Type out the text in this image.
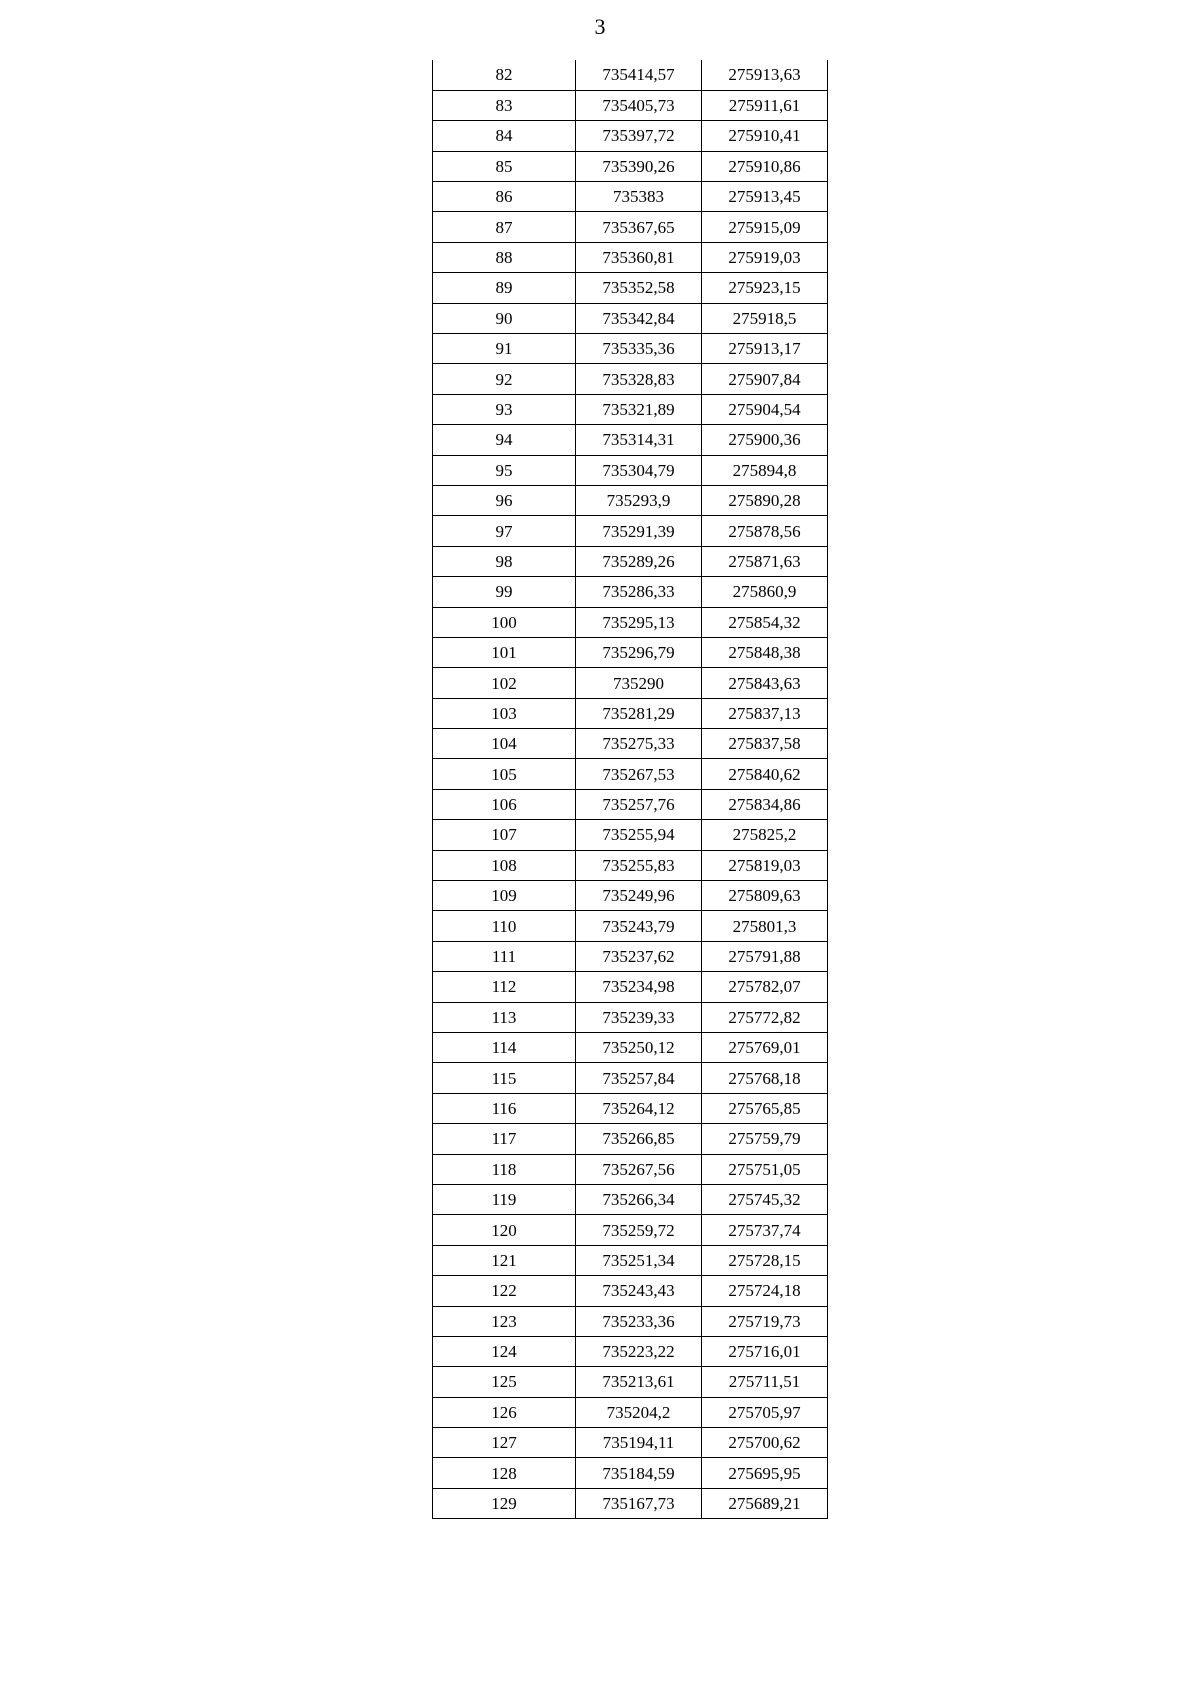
3
82	735414,57	275913,63
83	735405,73	275911,61
84	735397,72	275910,41
85	735390,26	275910,86
86	735383	275913,45
87	735367,65	275915,09
88	735360,81	275919,03
89	735352,58	275923,15
90	735342,84	275918,5
91	735335,36	275913,17
92	735328,83	275907,84
93	735321,89	275904,54
94	735314,31	275900,36
95	735304,79	275894,8
96	735293,9	275890,28
97	735291,39	275878,56
98	735289,26	275871,63
99	735286,33	275860,9
100	735295,13	275854,32
101	735296,79	275848,38
102	735290	275843,63
103	735281,29	275837,13
104	735275,33	275837,58
105	735267,53	275840,62
106	735257,76	275834,86
107	735255,94	275825,2
108	735255,83	275819,03
109	735249,96	275809,63
110	735243,79	275801,3
111	735237,62	275791,88
112	735234,98	275782,07
113	735239,33	275772,82
114	735250,12	275769,01
115	735257,84	275768,18
116	735264,12	275765,85
117	735266,85	275759,79
118	735267,56	275751,05
119	735266,34	275745,32
120	735259,72	275737,74
121	735251,34	275728,15
122	735243,43	275724,18
123	735233,36	275719,73
124	735223,22	275716,01
125	735213,61	275711,51
126	735204,2	275705,97
127	735194,11	275700,62
128	735184,59	275695,95
129	735167,73	275689,21
